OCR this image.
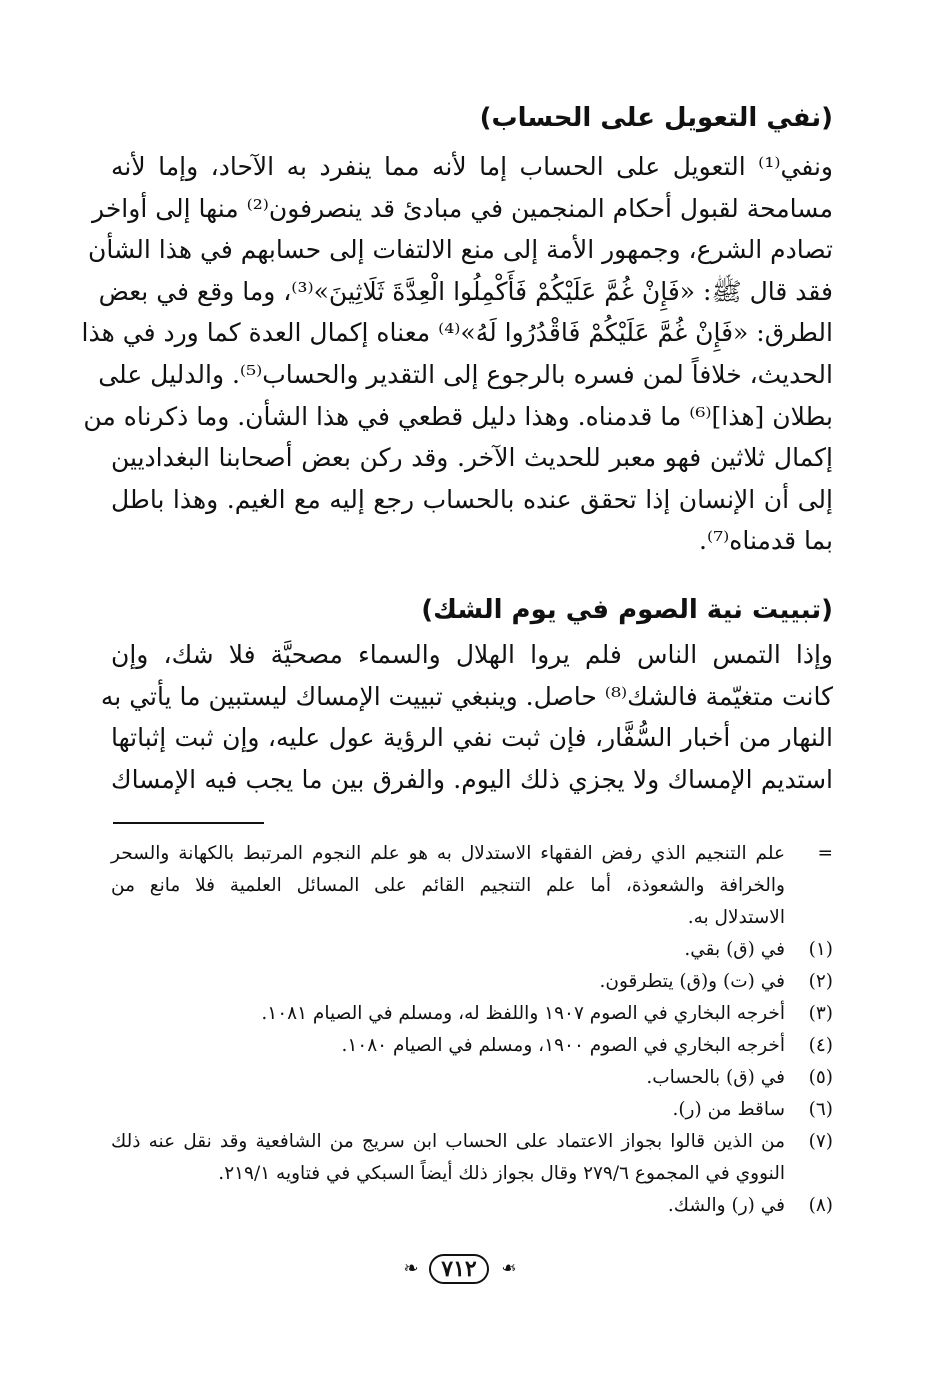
(نفي التعويل على الحساب)
ونفي⁽¹⁾ التعويل على الحساب إما لأنه مما ينفرد به الآحاد، وإما لأنه
مسامحة لقبول أحكام المنجمين في مبادئ قد ينصرفون⁽²⁾ منها إلى أواخر
تصادم الشرع، وجمهور الأمة إلى منع الالتفات إلى حسابهم في هذا الشأن
فقد قال ﷺ: «فَإِنْ غُمَّ عَلَيْكُمْ فَأَكْمِلُوا الْعِدَّةَ ثَلَاثِينَ»⁽³⁾، وما وقع في بعض
الطرق: «فَإِنْ غُمَّ عَلَيْكُمْ فَاقْدُرُوا لَهُ»⁽⁴⁾ معناه إكمال العدة كما ورد في هذا
الحديث، خلافاً لمن فسره بالرجوع إلى التقدير والحساب⁽⁵⁾. والدليل على
بطلان [هذا]⁽⁶⁾ ما قدمناه. وهذا دليل قطعي في هذا الشأن. وما ذكرناه من
إكمال ثلاثين فهو معبر للحديث الآخر. وقد ركن بعض أصحابنا البغداديين
إلى أن الإنسان إذا تحقق عنده بالحساب رجع إليه مع الغيم. وهذا باطل
بما قدمناه⁽⁷⁾.
(تبييت نية الصوم في يوم الشك)
وإذا التمس الناس فلم يروا الهلال والسماء مصحيَّة فلا شك، وإن
كانت متغيّمة فالشك⁽⁸⁾ حاصل. وينبغي تبييت الإمساك ليستبين ما يأتي به
النهار من أخبار السُّفَّار، فإن ثبت نفي الرؤية عول عليه، وإن ثبت إثباتها
استديم الإمساك ولا يجزي ذلك اليوم. والفرق بين ما يجب فيه الإمساك
=
علم التنجيم الذي رفض الفقهاء الاستدلال به هو علم النجوم المرتبط بالكهانة والسحر
والخرافة والشعوذة، أما علم التنجيم القائم على المسائل العلمية فلا مانع من
الاستدلال به.
(١)
في (ق) بقي.
(٢)
في (ت) و(ق) يتطرقون.
(٣)
أخرجه البخاري في الصوم ١٩٠٧ واللفظ له، ومسلم في الصيام ١٠٨١.
(٤)
أخرجه البخاري في الصوم ١٩٠٠، ومسلم في الصيام ١٠٨٠.
(٥)
في (ق) بالحساب.
(٦)
ساقط من (ر).
(٧)
من الذين قالوا بجواز الاعتماد على الحساب ابن سريج من الشافعية وقد نقل عنه ذلك
النووي في المجموع ٢٧٩/٦ وقال بجواز ذلك أيضاً السبكي في فتاويه ٢١٩/١.
(٨)
في (ر) والشك.
❧	٧١٢	❧
